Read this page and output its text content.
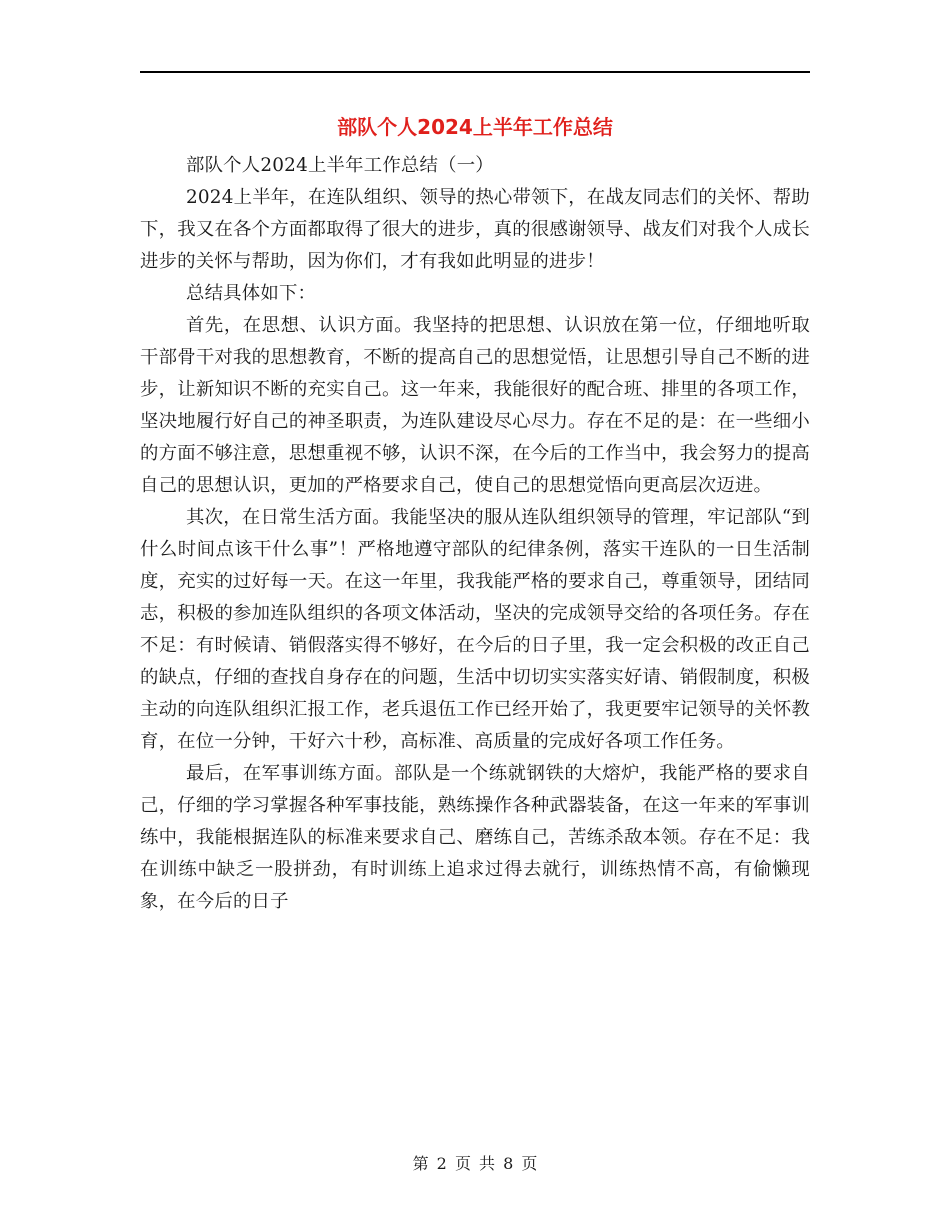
部队个人2024上半年工作总结

部队个人2024上半年工作总结（一）

2024上半年，在连队组织、领导的热心带领下，在战友同志们的关怀、帮助下，我又在各个方面都取得了很大的进步，真的很感谢领导、战友们对我个人成长进步的关怀与帮助，因为你们，才有我如此明显的进步！

总结具体如下：

首先，在思想、认识方面。我坚持的把思想、认识放在第一位，仔细地听取干部骨干对我的思想教育，不断的提高自己的思想觉悟，让思想引导自己不断的进步，让新知识不断的充实自己。这一年来，我能很好的配合班、排里的各项工作，坚决地履行好自己的神圣职责，为连队建设尽心尽力。存在不足的是：在一些细小的方面不够注意，思想重视不够，认识不深，在今后的工作当中，我会努力的提高自己的思想认识，更加的严格要求自己，使自己的思想觉悟向更高层次迈进。

其次，在日常生活方面。我能坚决的服从连队组织领导的管理，牢记部队“到什么时间点该干什么事”！严格地遵守部队的纪律条例，落实干连队的一日生活制度，充实的过好每一天。在这一年里，我我能严格的要求自己，尊重领导，团结同志，积极的参加连队组织的各项文体活动，坚决的完成领导交给的各项任务。存在不足：有时候请、销假落实得不够好，在今后的日子里，我一定会积极的改正自己的缺点，仔细的查找自身存在的问题，生活中切切实实落实好请、销假制度，积极主动的向连队组织汇报工作，老兵退伍工作已经开始了，我更要牢记领导的关怀教育，在位一分钟，干好六十秒，高标准、高质量的完成好各项工作任务。

最后，在军事训练方面。部队是一个练就钢铁的大熔炉，我能严格的要求自己，仔细的学习掌握各种军事技能，熟练操作各种武器装备，在这一年来的军事训练中，我能根据连队的标准来要求自己、磨练自己，苦练杀敌本领。存在不足：我在训练中缺乏一股拼劲，有时训练上追求过得去就行，训练热情不高，有偷懒现象，在今后的日子

第 2 页 共 8 页
